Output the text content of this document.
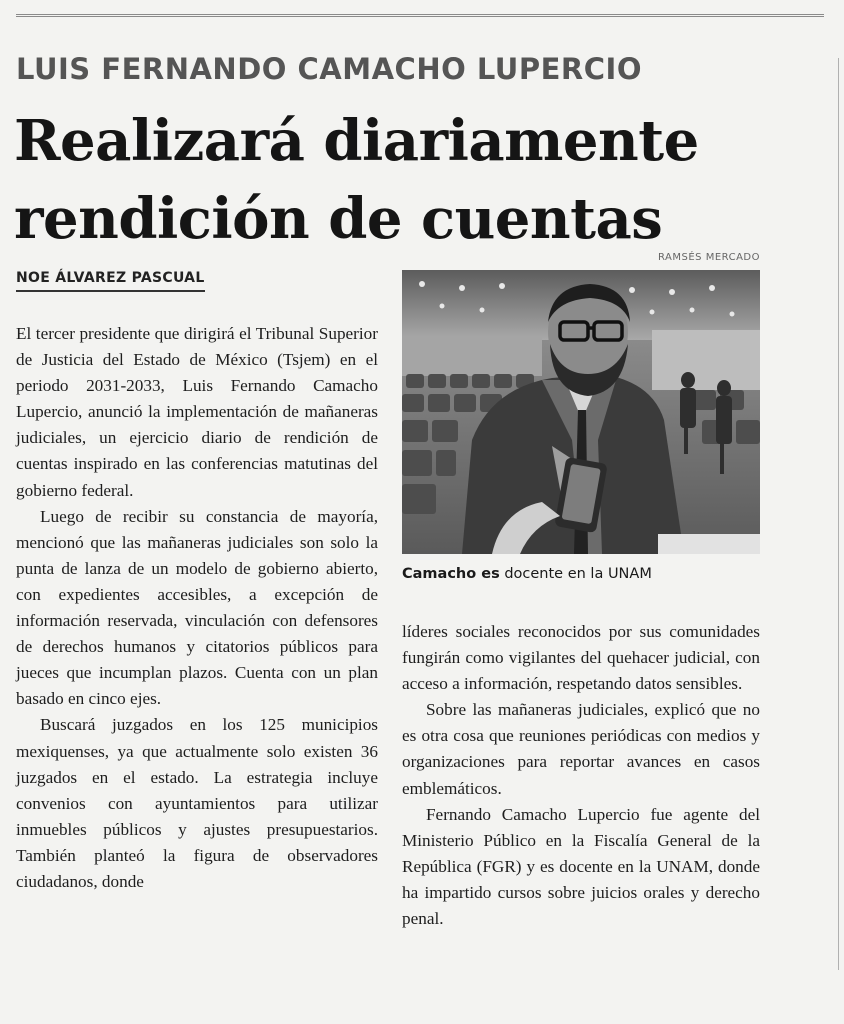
LUIS FERNANDO CAMACHO LUPERCIO
Realizará diariamente
rendición de cuentas

RAMSÉS MERCADO

NOE ÁLVAREZ PASCUAL

El tercer presidente que dirigirá el Tribunal Superior de Justicia del Estado de México (Tsjem) en el periodo 2031-2033, Luis Fernando Camacho Lupercio, anunció la implementación de mañaneras judiciales, un ejercicio diario de rendición de cuentas inspirado en las conferencias matutinas del gobierno federal.

Luego de recibir su constancia de mayoría, mencionó que las mañaneras judiciales son solo la punta de lanza de un modelo de gobierno abierto, con expedientes accesibles, a excepción de información reservada, vinculación con defensores de derechos humanos y citatorios públicos para jueces que incumplan plazos. Cuenta con un plan basado en cinco ejes.

Buscará juzgados en los 125 municipios mexiquenses, ya que actualmente solo existen 36 juzgados en el estado. La estrategia incluye convenios con ayuntamientos para utilizar inmuebles públicos y ajustes presupuestarios. También planteó la figura de observadores ciudadanos, donde

Camacho es docente en la UNAM

líderes sociales reconocidos por sus comunidades fungirán como vigilantes del quehacer judicial, con acceso a información, respetando datos sensibles.

Sobre las mañaneras judiciales, explicó que no es otra cosa que reuniones periódicas con medios y organizaciones para reportar avances en casos emblemáticos.

Fernando Camacho Lupercio fue agente del Ministerio Público en la Fiscalía General de la República (FGR) y es docente en la UNAM, donde ha impartido cursos sobre juicios orales y derecho penal.
